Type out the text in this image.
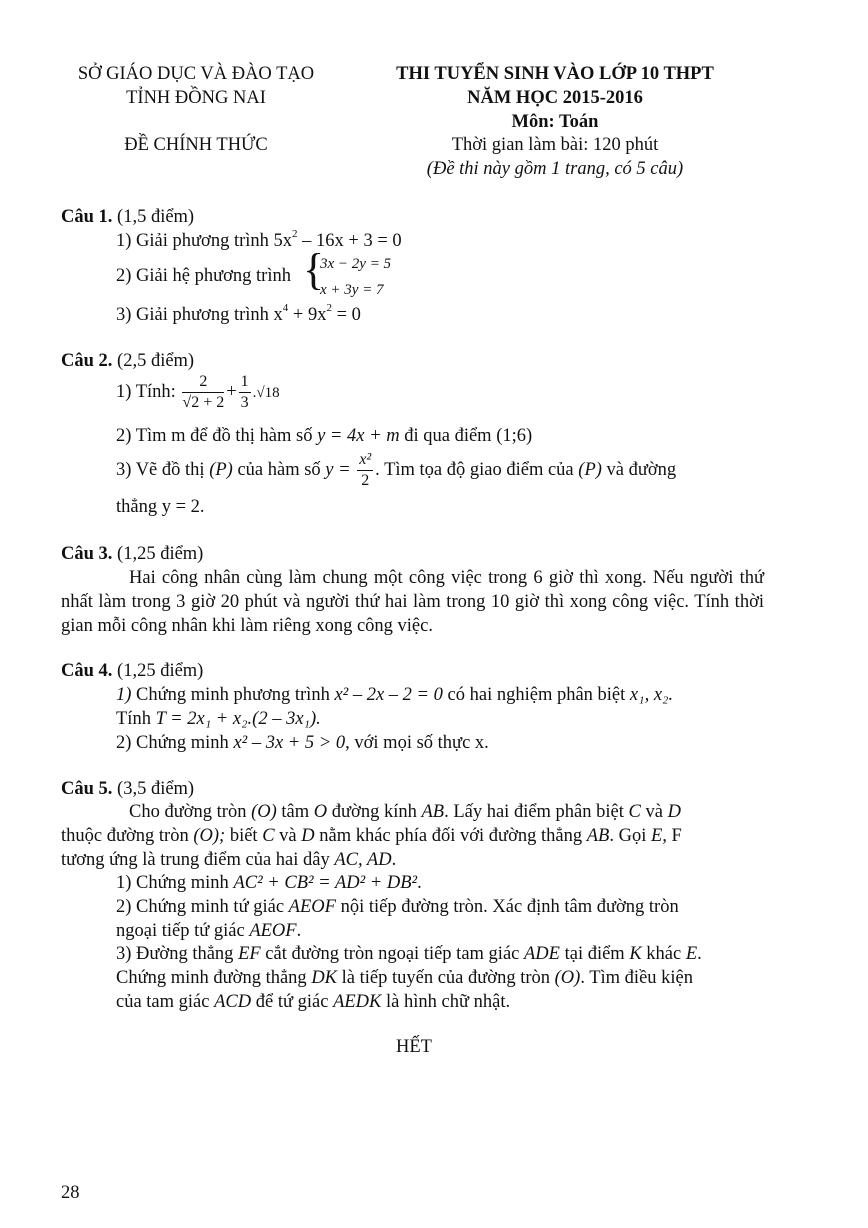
SỞ GIÁO DỤC VÀ ĐÀO TẠO
TỈNH ĐỒNG NAI
ĐỀ CHÍNH THỨC
THI TUYỂN SINH VÀO LỚP 10 THPT
NĂM HỌC 2015-2016
Môn: Toán
Thời gian làm bài: 120 phút
(Đề thi này gồm 1 trang, có 5 câu)
Câu 1. (1,5 điểm)
1) Giải phương trình $5x^2 - 16x + 3 = 0$
2) Giải hệ phương trình {
3x − 2y = 5
x + 3y = 7
3) Giải phương trình $x^4 + 9x^2 = 0$
Câu 2. (2,5 điểm)
1) Tính: $\frac{2}{√2 + 2} + \frac{1}{3} .√18$
2) Tìm m để đồ thị hàm số y = 4x + m đi qua điểm (1;6)
3) Vẽ đồ thị (P) của hàm số $y = \frac{\text{x²}}{2}$ . Tìm tọa độ giao điểm của (P) và đường
thẳng y = 2.
Câu 3. (1,25 điểm)
Hai công nhân cùng làm chung một công việc trong 6 giờ thì xong. Nếu người thứ nhất làm trong 3 giờ 20 phút và người thứ hai làm trong 10 giờ thì xong công việc. Tính thời gian mỗi công nhân khi làm riêng xong công việc.
Câu 4. (1,25 điểm)
1) Chứng minh phương trình x² – 2x – 2 = 0 có hai nghiệm phân biệt x₁, x₂.
Tính T = 2x₁ + x₂.(2 – 3x₁).
2) Chứng minh x² – 3x + 5 > 0, với mọi số thực x.
Câu 5. (3,5 điểm)
Cho đường tròn (O) tâm O đường kính AB. Lấy hai điểm phân biệt C và D
thuộc đường tròn (O); biết C và D nằm khác phía đối với đường thẳng AB. Gọi E, F
tương ứng là trung điểm của hai dây AC, AD.
1) Chứng minh AC² + CB² = AD² + DB².
2) Chứng minh tứ giác AEOF nội tiếp đường tròn. Xác định tâm đường tròn
ngoại tiếp tứ giác AEOF.
3) Đường thẳng EF cắt đường tròn ngoại tiếp tam giác ADE tại điểm K khác E.
Chứng minh đường thẳng DK là tiếp tuyến của đường tròn (O). Tìm điều kiện
của tam giác ACD để tứ giác AEDK là hình chữ nhật.
HẾT
28
